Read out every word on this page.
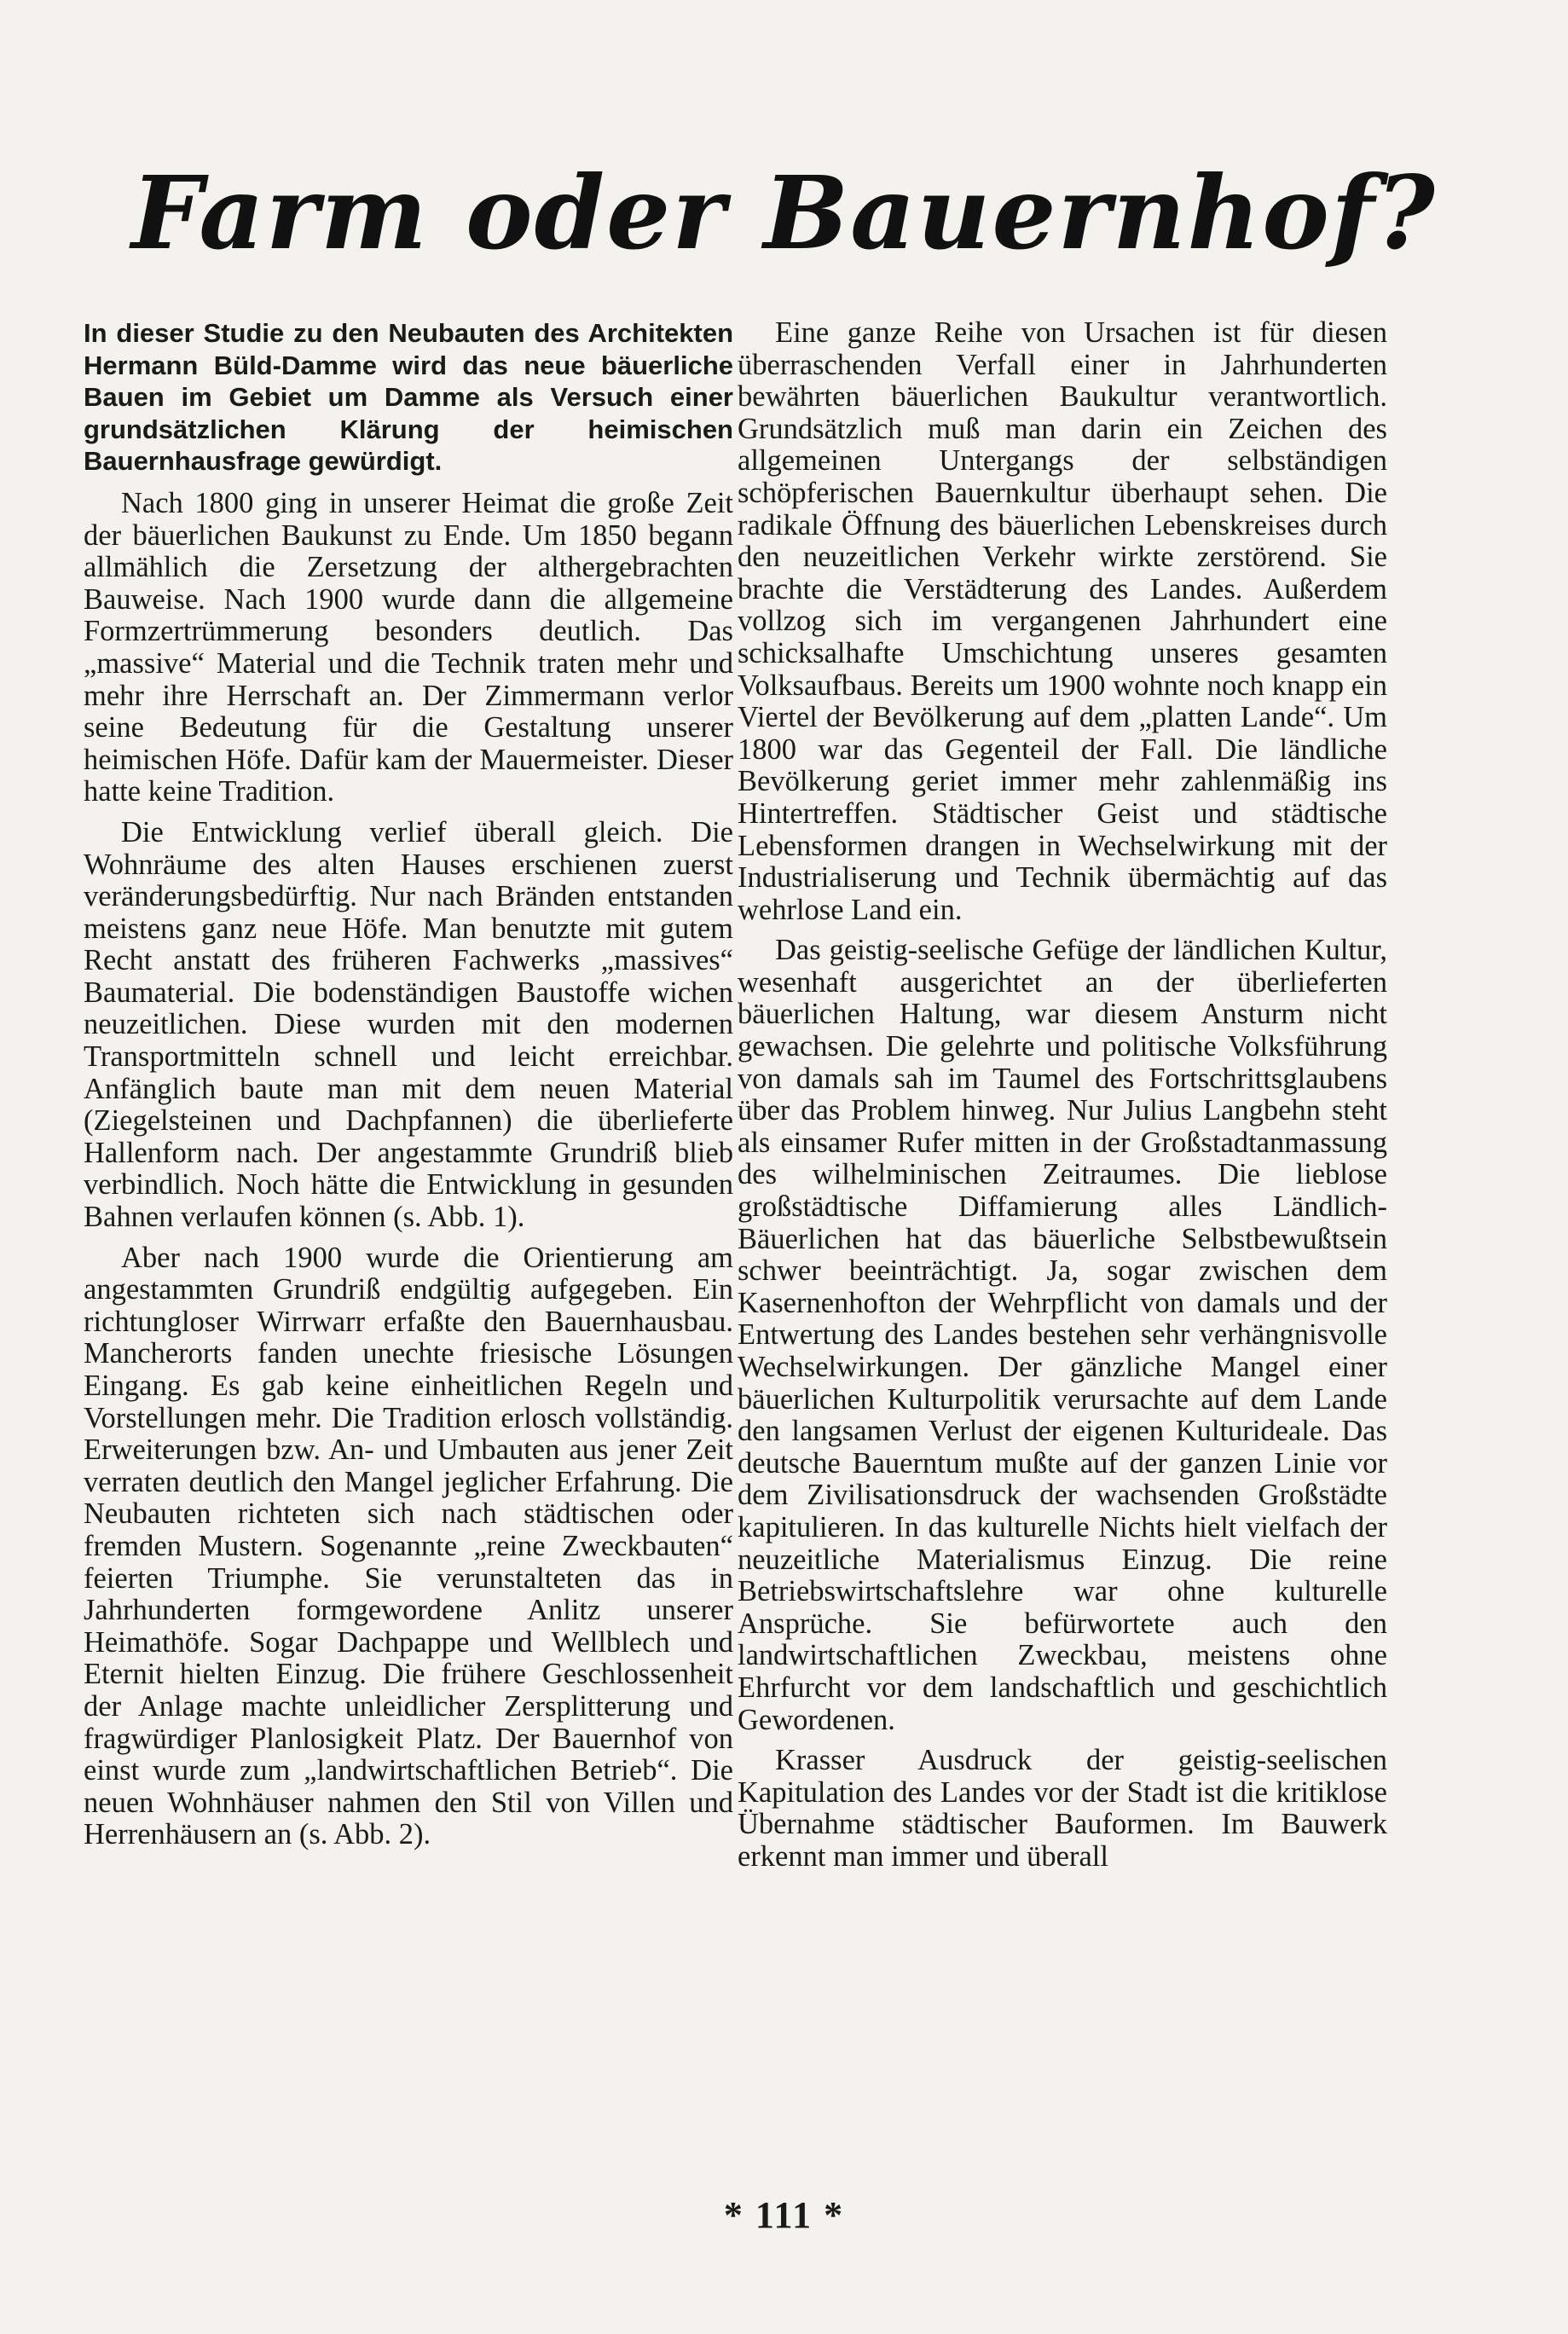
Farm oder Bauernhof?

In dieser Studie zu den Neubauten des Architekten Hermann Büld-Damme wird das neue bäuerliche Bauen im Gebiet um Damme als Versuch einer grundsätzlichen Klärung der heimischen Bauernhausfrage gewürdigt.

Nach 1800 ging in unserer Heimat die große Zeit der bäuerlichen Baukunst zu Ende. Um 1850 begann allmählich die Zersetzung der althergebrachten Bauweise. Nach 1900 wurde dann die allgemeine Formzertrümmerung besonders deutlich. Das „massive“ Material und die Technik traten mehr und mehr ihre Herrschaft an. Der Zimmermann verlor seine Bedeutung für die Gestaltung unserer heimischen Höfe. Dafür kam der Mauermeister. Dieser hatte keine Tradition.

Die Entwicklung verlief überall gleich. Die Wohnräume des alten Hauses erschienen zuerst veränderungsbedürftig. Nur nach Bränden entstanden meistens ganz neue Höfe. Man benutzte mit gutem Recht anstatt des früheren Fachwerks „massives“ Baumaterial. Die bodenständigen Baustoffe wichen neuzeitlichen. Diese wurden mit den modernen Transportmitteln schnell und leicht erreichbar. Anfänglich baute man mit dem neuen Material (Ziegelsteinen und Dachpfannen) die überlieferte Hallenform nach. Der angestammte Grundriß blieb verbindlich. Noch hätte die Entwicklung in gesunden Bahnen verlaufen können (s. Abb. 1).

Aber nach 1900 wurde die Orientierung am angestammten Grundriß endgültig aufgegeben. Ein richtungloser Wirrwarr erfaßte den Bauernhausbau. Mancherorts fanden unechte friesische Lösungen Eingang. Es gab keine einheitlichen Regeln und Vorstellungen mehr. Die Tradition erlosch vollständig. Erweiterungen bzw. An- und Umbauten aus jener Zeit verraten deutlich den Mangel jeglicher Erfahrung. Die Neubauten richteten sich nach städtischen oder fremden Mustern. Sogenannte „reine Zweckbauten“ feierten Triumphe. Sie verunstalteten das in Jahrhunderten formgewordene Anlitz unserer Heimathöfe. Sogar Dachpappe und Wellblech und Eternit hielten Einzug. Die frühere Geschlossenheit der Anlage machte unleidlicher Zersplitterung und fragwürdiger Planlosigkeit Platz. Der Bauernhof von einst wurde zum „landwirtschaftlichen Betrieb“. Die neuen Wohnhäuser nahmen den Stil von Villen und Herrenhäusern an (s. Abb. 2).

Eine ganze Reihe von Ursachen ist für diesen überraschenden Verfall einer in Jahrhunderten bewährten bäuerlichen Baukultur verantwortlich. Grundsätzlich muß man darin ein Zeichen des allgemeinen Untergangs der selbständigen schöpferischen Bauernkultur überhaupt sehen. Die radikale Öffnung des bäuerlichen Lebenskreises durch den neuzeitlichen Verkehr wirkte zerstörend. Sie brachte die Verstädterung des Landes. Außerdem vollzog sich im vergangenen Jahrhundert eine schicksalhafte Umschichtung unseres gesamten Volksaufbaus. Bereits um 1900 wohnte noch knapp ein Viertel der Bevölkerung auf dem „platten Lande“. Um 1800 war das Gegenteil der Fall. Die ländliche Bevölkerung geriet immer mehr zahlenmäßig ins Hintertreffen. Städtischer Geist und städtische Lebensformen drangen in Wechselwirkung mit der Industrialiserung und Technik übermächtig auf das wehrlose Land ein.

Das geistig-seelische Gefüge der ländlichen Kultur, wesenhaft ausgerichtet an der überlieferten bäuerlichen Haltung, war diesem Ansturm nicht gewachsen. Die gelehrte und politische Volksführung von damals sah im Taumel des Fortschrittsglaubens über das Problem hinweg. Nur Julius Langbehn steht als einsamer Rufer mitten in der Großstadtanmassung des wilhelminischen Zeitraumes. Die lieblose großstädtische Diffamierung alles Ländlich-Bäuerlichen hat das bäuerliche Selbstbewußtsein schwer beeinträchtigt. Ja, sogar zwischen dem Kasernenhofton der Wehrpflicht von damals und der Entwertung des Landes bestehen sehr verhängnisvolle Wechselwirkungen. Der gänzliche Mangel einer bäuerlichen Kulturpolitik verursachte auf dem Lande den langsamen Verlust der eigenen Kulturideale. Das deutsche Bauerntum mußte auf der ganzen Linie vor dem Zivilisationsdruck der wachsenden Großstädte kapitulieren. In das kulturelle Nichts hielt vielfach der neuzeitliche Materialismus Einzug. Die reine Betriebswirtschaftslehre war ohne kulturelle Ansprüche. Sie befürwortete auch den landwirtschaftlichen Zweckbau, meistens ohne Ehrfurcht vor dem landschaftlich und geschichtlich Gewordenen.

Krasser Ausdruck der geistig-seelischen Kapitulation des Landes vor der Stadt ist die kritiklose Übernahme städtischer Bauformen. Im Bauwerk erkennt man immer und überall

* 111 *
